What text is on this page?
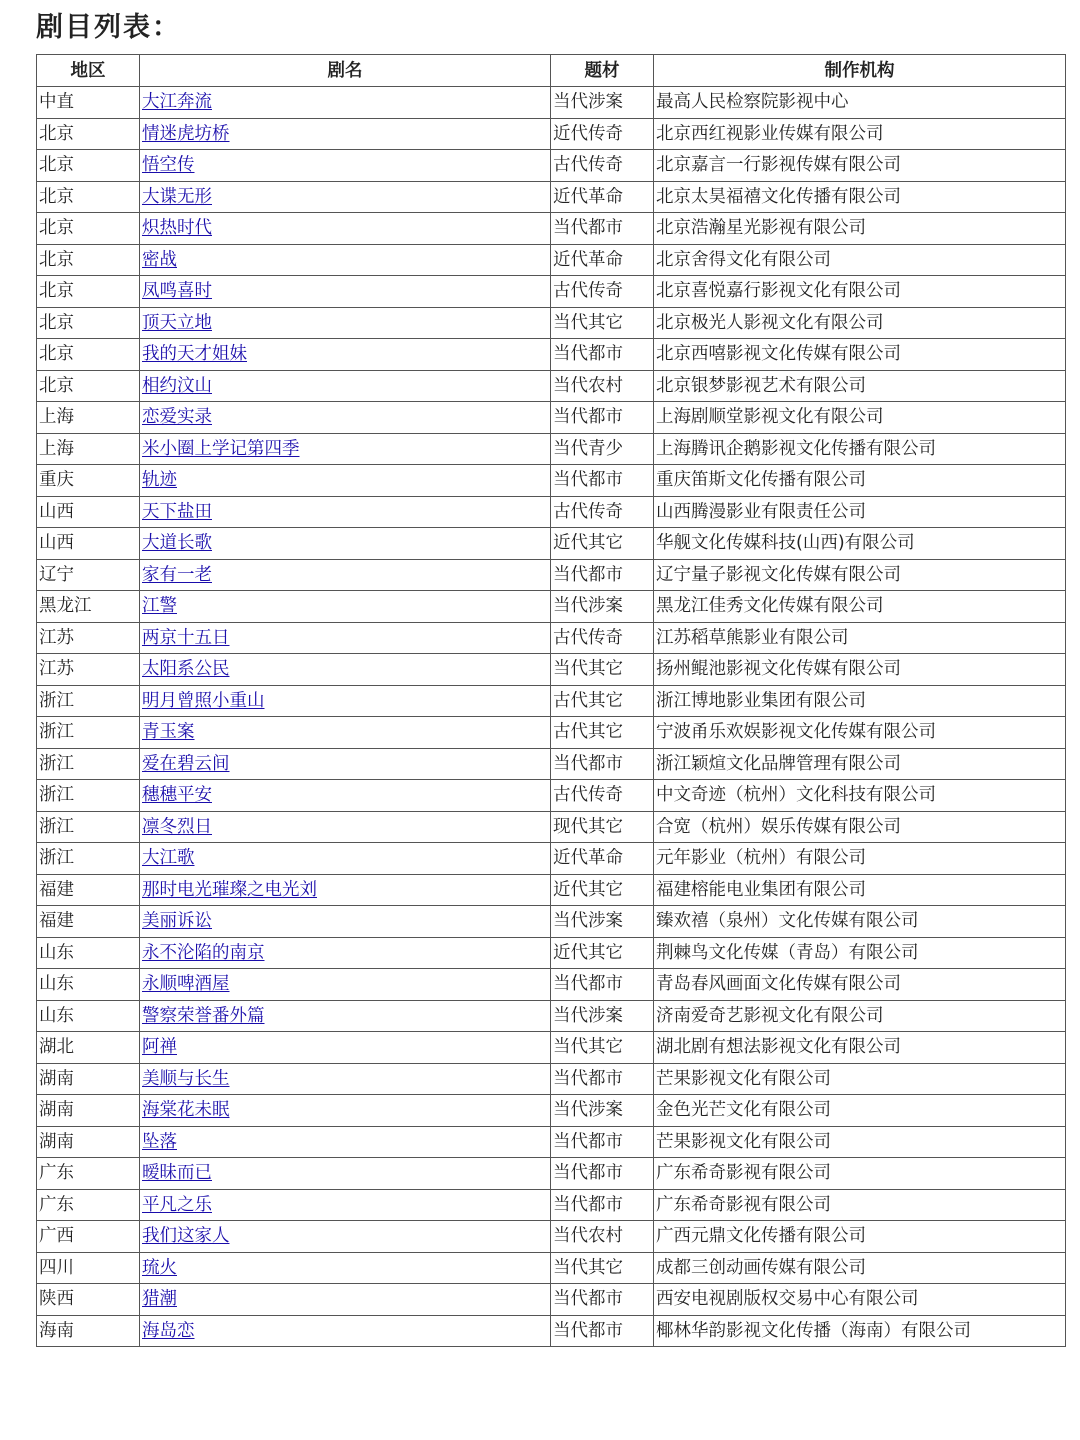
剧目列表：
地区	剧名	题材	制作机构
中直	大江奔流	当代涉案	最高人民检察院影视中心
北京	情迷虎坊桥	近代传奇	北京西红视影业传媒有限公司
北京	悟空传	古代传奇	北京嘉言一行影视传媒有限公司
北京	大谍无形	近代革命	北京太昊福禧文化传播有限公司
北京	炽热时代	当代都市	北京浩瀚星光影视有限公司
北京	密战	近代革命	北京舍得文化有限公司
北京	凤鸣喜时	古代传奇	北京喜悦嘉行影视文化有限公司
北京	顶天立地	当代其它	北京极光人影视文化有限公司
北京	我的天才姐妹	当代都市	北京西嘻影视文化传媒有限公司
北京	相约汶山	当代农村	北京银梦影视艺术有限公司
上海	恋爱实录	当代都市	上海剧顺堂影视文化有限公司
上海	米小圈上学记第四季	当代青少	上海腾讯企鹅影视文化传播有限公司
重庆	轨迹	当代都市	重庆笛斯文化传播有限公司
山西	天下盐田	古代传奇	山西腾漫影业有限责任公司
山西	大道长歌	近代其它	华舰文化传媒科技(山西)有限公司
辽宁	家有一老	当代都市	辽宁量子影视文化传媒有限公司
黑龙江	江警	当代涉案	黑龙江佳秀文化传媒有限公司
江苏	两京十五日	古代传奇	江苏稻草熊影业有限公司
江苏	太阳系公民	当代其它	扬州鲲池影视文化传媒有限公司
浙江	明月曾照小重山	古代其它	浙江博地影业集团有限公司
浙江	青玉案	古代其它	宁波甬乐欢娱影视文化传媒有限公司
浙江	爱在碧云间	当代都市	浙江颖煊文化品牌管理有限公司
浙江	穗穗平安	古代传奇	中文奇迹（杭州）文化科技有限公司
浙江	凛冬烈日	现代其它	合宽（杭州）娱乐传媒有限公司
浙江	大江歌	近代革命	元年影业（杭州）有限公司
福建	那时电光璀璨之电光刘	近代其它	福建榕能电业集团有限公司
福建	美丽诉讼	当代涉案	臻欢禧（泉州）文化传媒有限公司
山东	永不沦陷的南京	近代其它	荆棘鸟文化传媒（青岛）有限公司
山东	永顺啤酒屋	当代都市	青岛春风画面文化传媒有限公司
山东	警察荣誉番外篇	当代涉案	济南爱奇艺影视文化有限公司
湖北	阿禅	当代其它	湖北剧有想法影视文化有限公司
湖南	美顺与长生	当代都市	芒果影视文化有限公司
湖南	海棠花未眠	当代涉案	金色光芒文化有限公司
湖南	坠落	当代都市	芒果影视文化有限公司
广东	暧昧而已	当代都市	广东希奇影视有限公司
广东	平凡之乐	当代都市	广东希奇影视有限公司
广西	我们这家人	当代农村	广西元鼎文化传播有限公司
四川	琉火	当代其它	成都三创动画传媒有限公司
陕西	猎潮	当代都市	西安电视剧版权交易中心有限公司
海南	海岛恋	当代都市	椰林华韵影视文化传播（海南）有限公司
